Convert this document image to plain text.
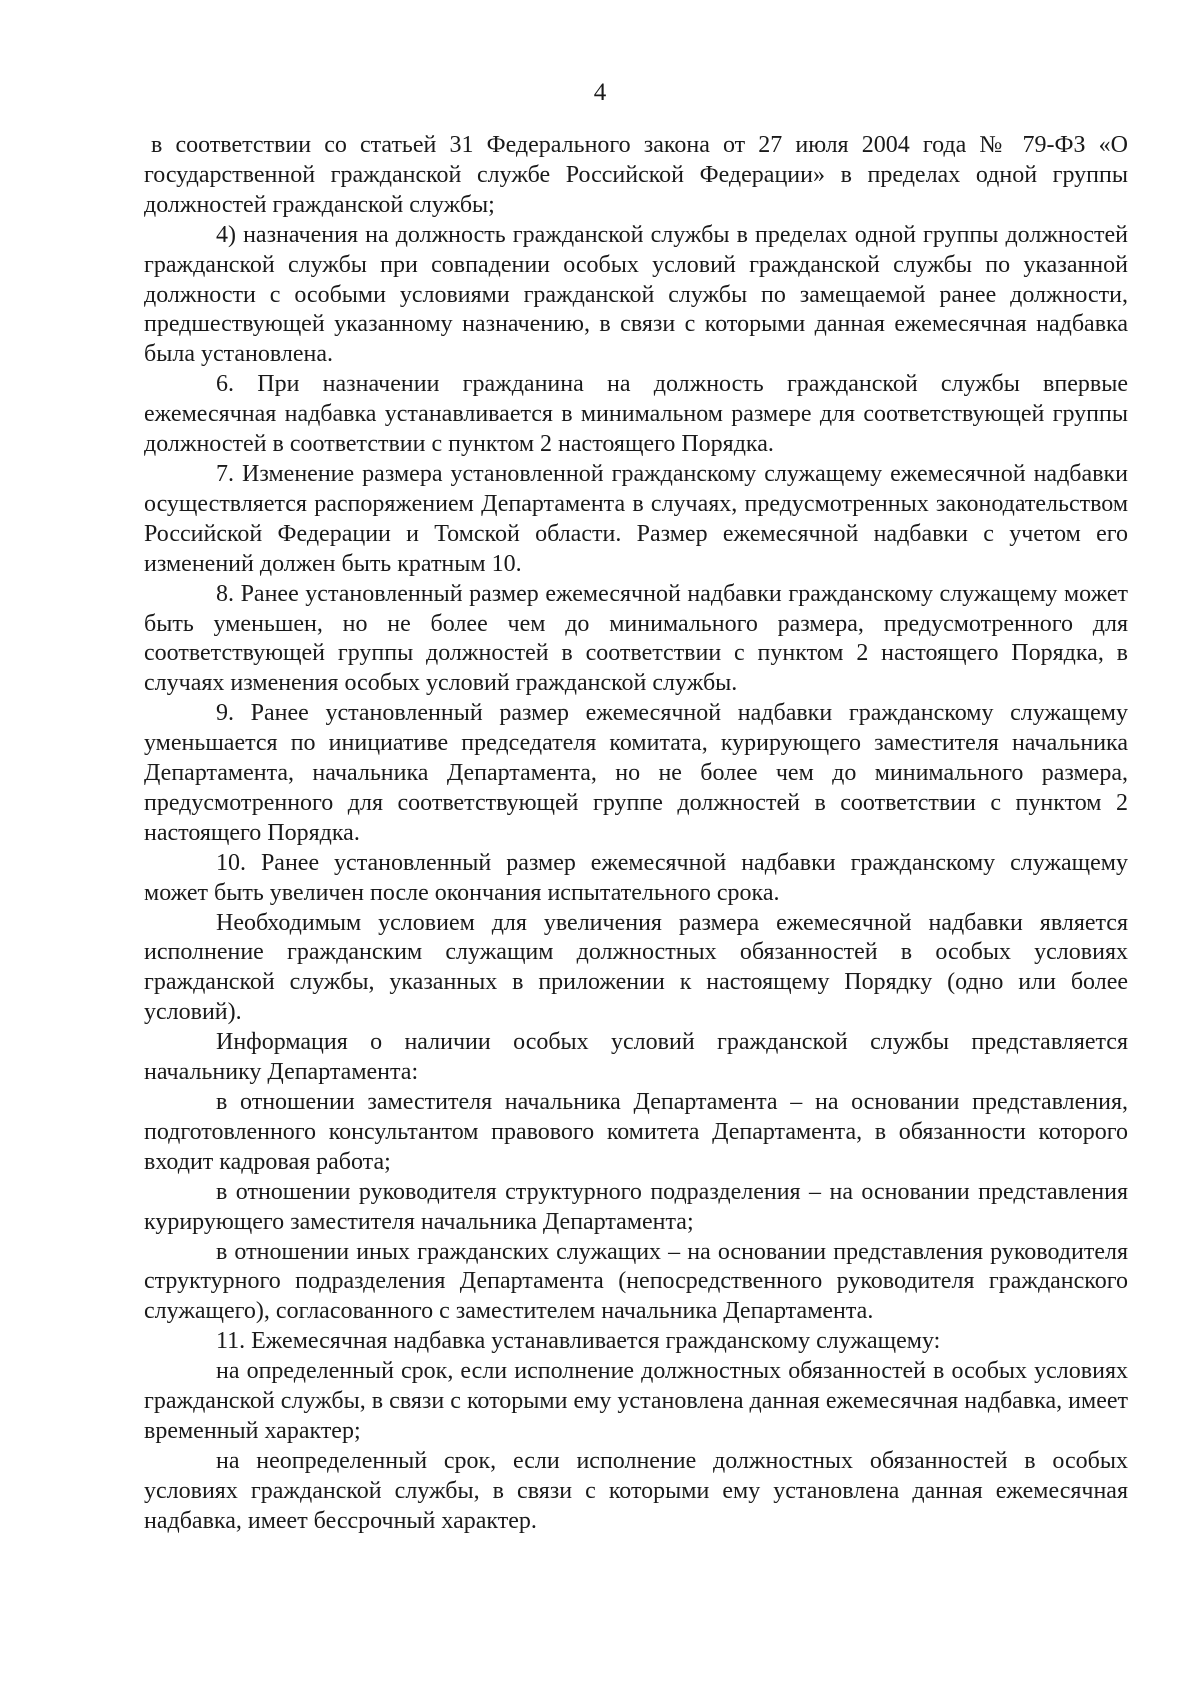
4

в соответствии со статьей 31 Федерального закона от 27 июля 2004 года № 79-ФЗ «О государственной гражданской службе Российской Федерации» в пределах одной группы должностей гражданской службы;

4) назначения на должность гражданской службы в пределах одной группы должностей гражданской службы при совпадении особых условий гражданской службы по указанной должности с особыми условиями гражданской службы по замещаемой ранее должности, предшествующей указанному назначению, в связи с которыми данная ежемесячная надбавка была установлена.

6. При назначении гражданина на должность гражданской службы впервые ежемесячная надбавка устанавливается в минимальном размере для соответствующей группы должностей в соответствии с пунктом 2 настоящего Порядка.

7. Изменение размера установленной гражданскому служащему ежемесячной надбавки осуществляется распоряжением Департамента в случаях, предусмотренных законодательством Российской Федерации и Томской области. Размер ежемесячной надбавки с учетом его изменений должен быть кратным 10.

8. Ранее установленный размер ежемесячной надбавки гражданскому служащему может быть уменьшен, но не более чем до минимального размера, предусмотренного для соответствующей группы должностей в соответствии с пунктом 2 настоящего Порядка, в случаях изменения особых условий гражданской службы.

9. Ранее установленный размер ежемесячной надбавки гражданскому служащему уменьшается по инициативе председателя комитата, курирующего заместителя начальника Департамента, начальника Департамента, но не более чем до минимального размера, предусмотренного для соответствующей группе должностей в соответствии с пунктом 2 настоящего Порядка.

10. Ранее установленный размер ежемесячной надбавки гражданскому служащему может быть увеличен после окончания испытательного срока.

Необходимым условием для увеличения размера ежемесячной надбавки является исполнение гражданским служащим должностных обязанностей в особых условиях гражданской службы, указанных в приложении к настоящему Порядку (одно или более условий).

Информация о наличии особых условий гражданской службы представляется начальнику Департамента:

в отношении заместителя начальника Департамента – на основании представления, подготовленного консультантом правового комитета Департамента, в обязанности которого входит кадровая работа;

в отношении руководителя структурного подразделения – на основании представления курирующего заместителя начальника Департамента;

в отношении иных гражданских служащих – на основании представления руководителя структурного подразделения Департамента (непосредственного руководителя гражданского служащего), согласованного с заместителем начальника Департамента.

11. Ежемесячная надбавка устанавливается гражданскому служащему:

на определенный срок, если исполнение должностных обязанностей в особых условиях гражданской службы, в связи с которыми ему установлена данная ежемесячная надбавка, имеет временный характер;

на неопределенный срок, если исполнение должностных обязанностей в особых условиях гражданской службы, в связи с которыми ему установлена данная ежемесячная надбавка, имеет бессрочный характер.
